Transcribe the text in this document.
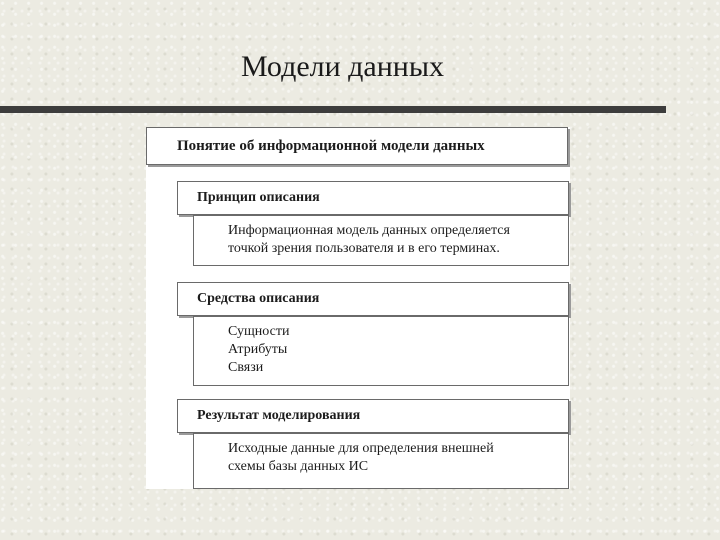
Модели данных
Понятие об информационной модели данных
Принцип описания
Информационная модель данных определяется
точкой зрения пользователя и в его терминах.
Средства описания
Сущности
Атрибуты
Связи
Результат моделирования
Исходные данные для определения внешней
схемы базы данных ИС
